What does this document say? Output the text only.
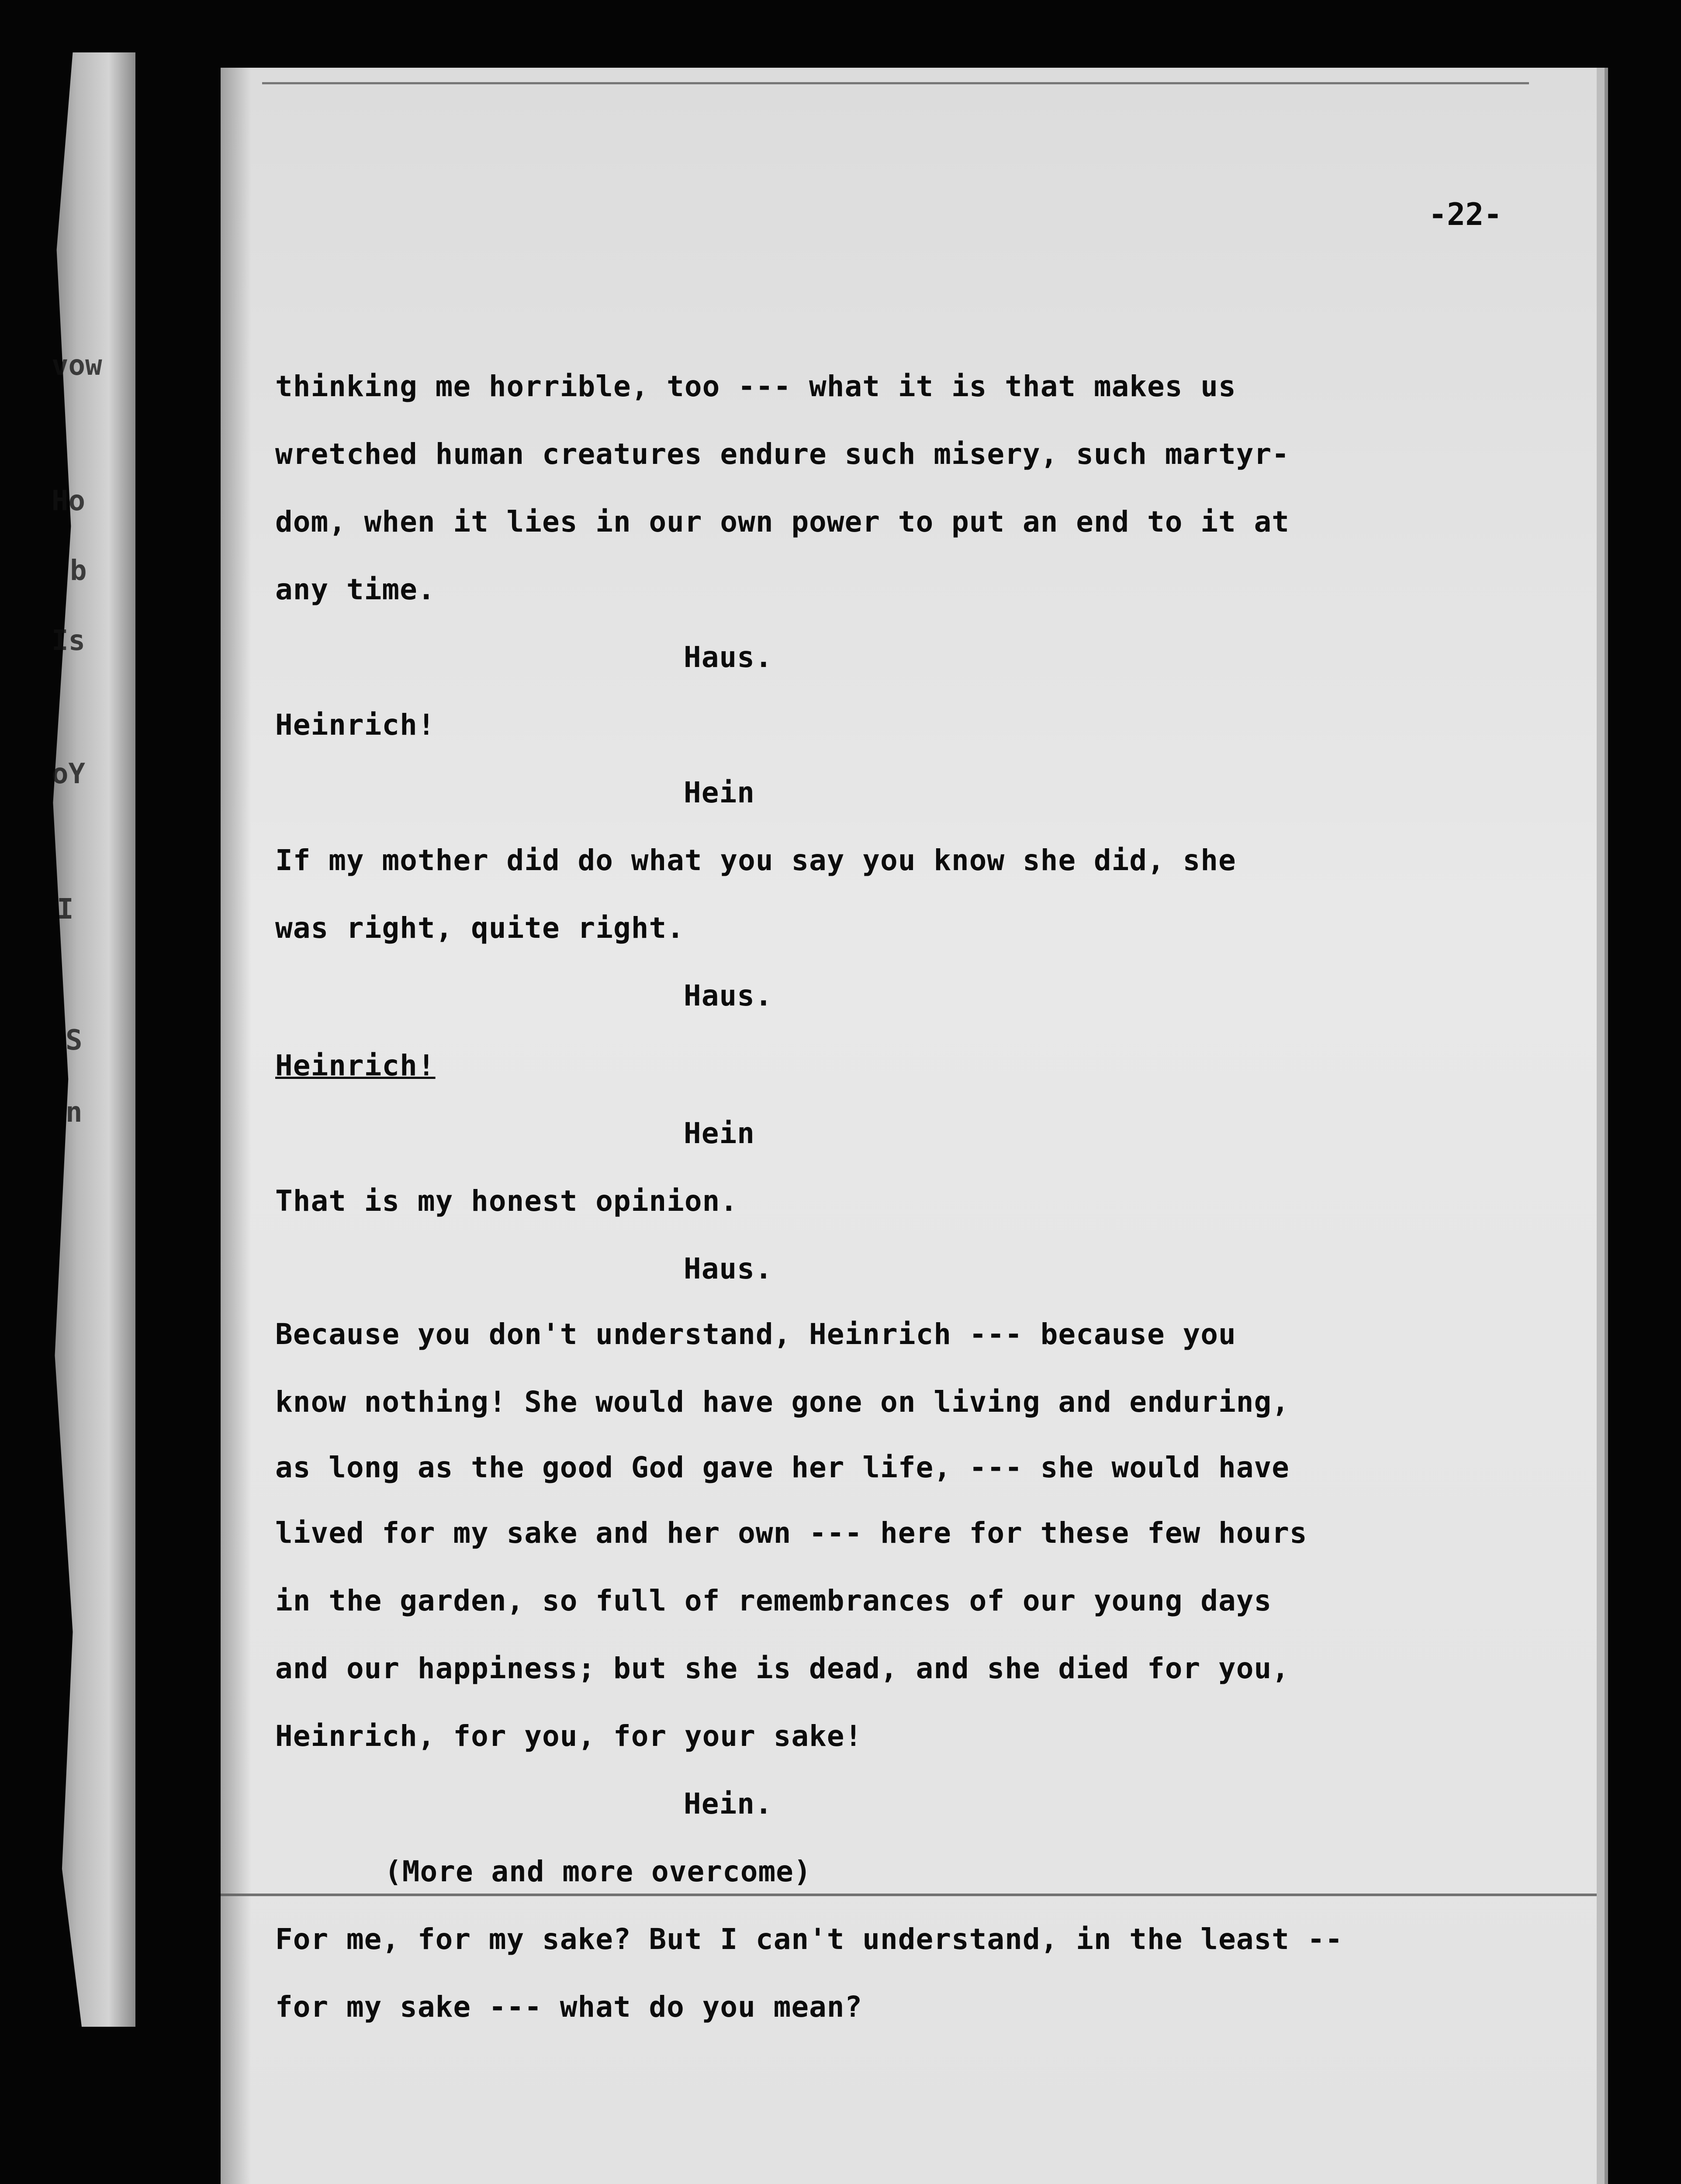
vow
Ho
b
Is
oY
I
S
n
-22-
thinking me horrible, too --- what it is that makes us
wretched human creatures endure such misery, such martyr-
dom, when it lies in our own power to put an end to it at
any time.
Haus.
Heinrich!
Hein
If my mother did do what you say you know she did, she
was right, quite right.
Haus.
Heinrich!
Hein
That is my honest opinion.
Haus.
Because you don't understand, Heinrich --- because you
know nothing! She would have gone on living and enduring,
as long as the good God gave her life, --- she would have
lived for my sake and her own --- here for these few hours
in the garden, so full of remembrances of our young days
and our happiness; but she is dead, and she died for you,
Heinrich, for you, for your sake!
Hein.
(More and more overcome)
For me, for my sake? But I can't understand, in the least --
for my sake --- what do you mean?
